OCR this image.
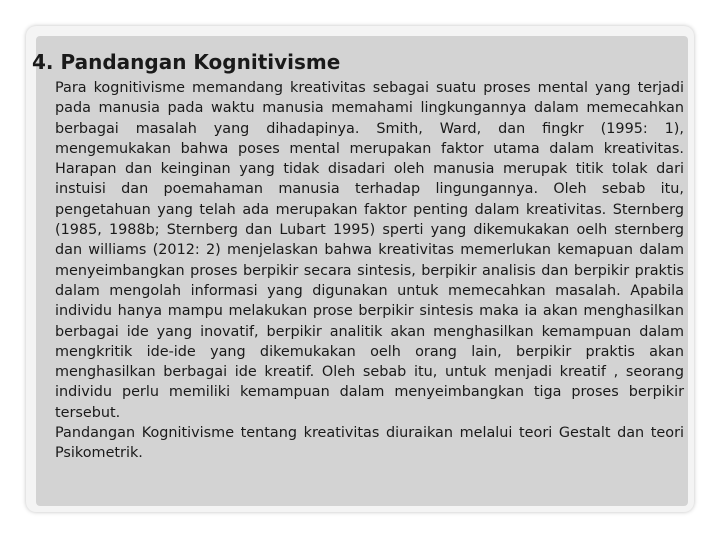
4. Pandangan Kognitivisme

Para kognitivisme memandang kreativitas sebagai suatu proses mental yang terjadi pada manusia pada waktu manusia memahami lingkungannya dalam memecahkan berbagai masalah yang dihadapinya. Smith, Ward, dan fingkr (1995: 1), mengemukakan bahwa poses mental merupakan faktor utama dalam kreativitas. Harapan dan keinginan yang tidak disadari oleh manusia merupak titik tolak dari instuisi dan poemahaman manusia terhadap lingungannya. Oleh sebab itu, pengetahuan yang telah ada merupakan faktor penting dalam kreativitas. Sternberg (1985, 1988b; Sternberg dan Lubart 1995) sperti yang dikemukakan oelh sternberg dan williams (2012: 2) menjelaskan bahwa kreativitas memerlukan kemapuan dalam menyeimbangkan proses berpikir secara sintesis, berpikir analisis dan berpikir praktis dalam mengolah informasi yang digunakan untuk memecahkan masalah. Apabila individu hanya mampu melakukan prose berpikir sintesis maka ia akan menghasilkan berbagai ide yang inovatif, berpikir analitik akan menghasilkan kemampuan dalam mengkritik ide-ide yang dikemukakan oelh orang lain, berpikir praktis akan menghasilkan berbagai ide kreatif. Oleh sebab itu, untuk menjadi kreatif , seorang individu perlu memiliki kemampuan dalam menyeimbangkan tiga proses berpikir tersebut.

Pandangan Kognitivisme tentang kreativitas diuraikan melalui teori Gestalt dan teori Psikometrik.
